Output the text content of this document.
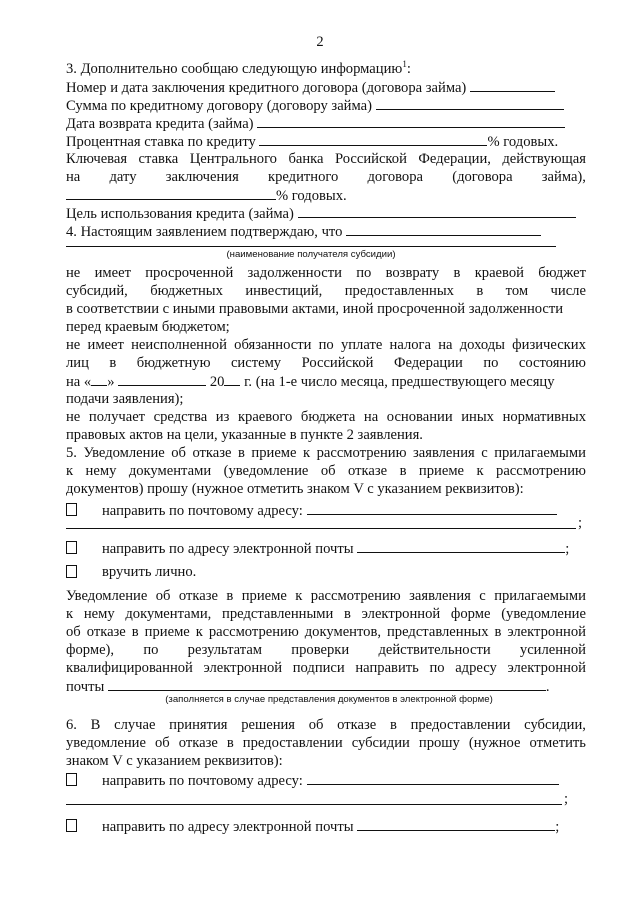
2
3. Дополнительно сообщаю следующую информацию$^1$:
Номер и дата заключения кредитного договора (договора займа)
Сумма по кредитному договору (договору займа)
Дата возврата кредита (займа)
Процентная ставка по кредиту	% годовых.
Ключевая ставка Центрального банка Российской Федерации, действующая
на дату заключения кредитного договора (договора займа),
% годовых.
Цель использования кредита (займа)
4. Настоящим заявлением подтверждаю, что
(наименование получателя субсидии)
не имеет просроченной задолженности по возврату в краевой бюджет
субсидий, бюджетных инвестиций, предоставленных в том числе
в соответствии с иными правовыми актами, иной просроченной задолженности
перед краевым бюджетом;
не имеет неисполненной обязанности по уплате налога на доходы физических
лиц в бюджетную систему Российской Федерации по состоянию
на « »	20 г. (на 1-е число месяца, предшествующего месяцу
подачи заявления);
не получает средства из краевого бюджета на основании иных нормативных
правовых актов на цели, указанные в пункте 2 заявления.
5. Уведомление об отказе в приеме к рассмотрению заявления с прилагаемыми
к нему документами (уведомление об отказе в приеме к рассмотрению
документов) прошу (нужное отметить знаком V с указанием реквизитов):
направить по почтовому адресу:
;
направить по адресу электронной почты	;
вручить лично.
Уведомление об отказе в приеме к рассмотрению заявления с прилагаемыми
к нему документами, представленными в электронной форме (уведомление
об отказе в приеме к рассмотрению документов, представленных в электронной
форме), по результатам проверки действительности усиленной
квалифицированной электронной подписи направить по адресу электронной
почты	.
(заполняется в случае представления документов в электронной форме)
6. В случае принятия решения об отказе в предоставлении субсидии,
уведомление об отказе в предоставлении субсидии прошу (нужное отметить
знаком V с указанием реквизитов):
направить по почтовому адресу:
;
направить по адресу электронной почты	;
